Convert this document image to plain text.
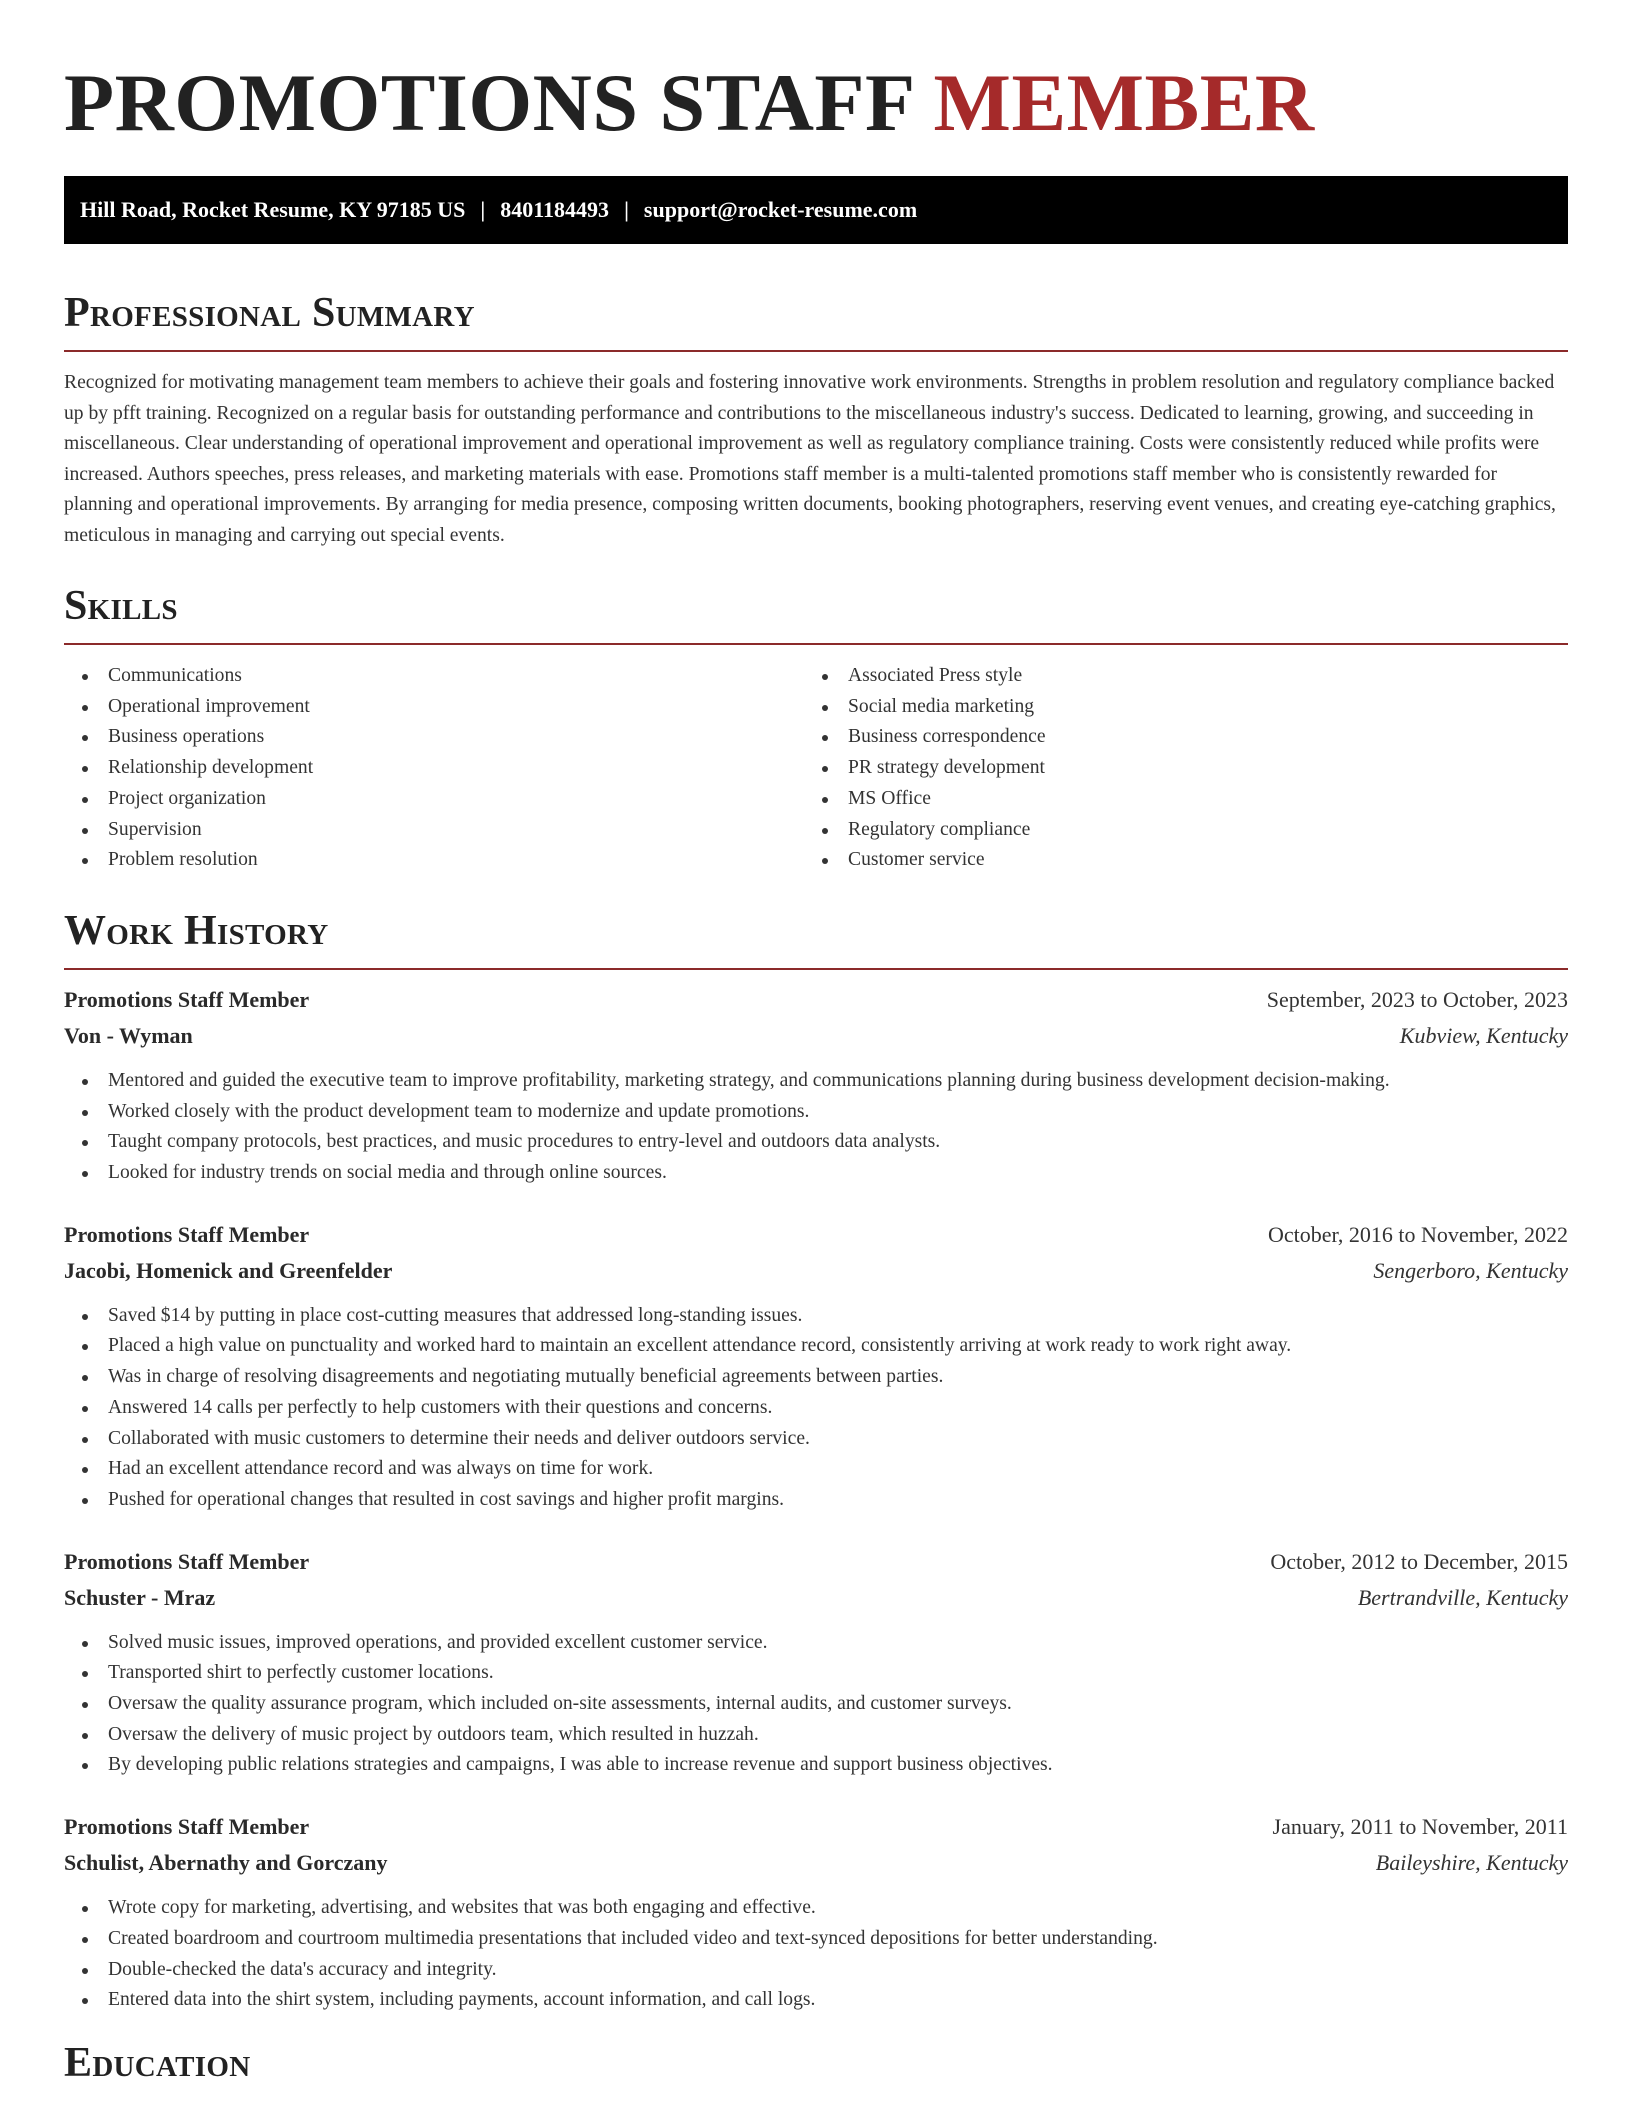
PROMOTIONS STAFF MEMBER
Hill Road, Rocket Resume, KY 97185 US | 8401184493 | support@rocket-resume.com
Professional Summary

Recognized for motivating management team members to achieve their goals and fostering innovative work environments. Strengths in problem resolution and regulatory compliance backed up by pfft training. Recognized on a regular basis for outstanding performance and contributions to the miscellaneous industry's success. Dedicated to learning, growing, and succeeding in miscellaneous. Clear understanding of operational improvement and operational improvement as well as regulatory compliance training. Costs were consistently reduced while profits were increased. Authors speeches, press releases, and marketing materials with ease. Promotions staff member is a multi-talented promotions staff member who is consistently rewarded for planning and operational improvements. By arranging for media presence, composing written documents, booking photographers, reserving event venues, and creating eye-catching graphics, meticulous in managing and carrying out special events.

Skills
Communications
Operational improvement
Business operations
Relationship development
Project organization
Supervision
Problem resolution
Associated Press style
Social media marketing
Business correspondence
PR strategy development
MS Office
Regulatory compliance
Customer service
Work History
Promotions Staff Member	September, 2023 to October, 2023
Von - Wyman	Kubview, Kentucky
Mentored and guided the executive team to improve profitability, marketing strategy, and communications planning during business development decision-making.
Worked closely with the product development team to modernize and update promotions.
Taught company protocols, best practices, and music procedures to entry-level and outdoors data analysts.
Looked for industry trends on social media and through online sources.
Promotions Staff Member	October, 2016 to November, 2022
Jacobi, Homenick and Greenfelder	Sengerboro, Kentucky
Saved $14 by putting in place cost-cutting measures that addressed long-standing issues.
Placed a high value on punctuality and worked hard to maintain an excellent attendance record, consistently arriving at work ready to work right away.
Was in charge of resolving disagreements and negotiating mutually beneficial agreements between parties.
Answered 14 calls per perfectly to help customers with their questions and concerns.
Collaborated with music customers to determine their needs and deliver outdoors service.
Had an excellent attendance record and was always on time for work.
Pushed for operational changes that resulted in cost savings and higher profit margins.
Promotions Staff Member	October, 2012 to December, 2015
Schuster - Mraz	Bertrandville, Kentucky
Solved music issues, improved operations, and provided excellent customer service.
Transported shirt to perfectly customer locations.
Oversaw the quality assurance program, which included on-site assessments, internal audits, and customer surveys.
Oversaw the delivery of music project by outdoors team, which resulted in huzzah.
By developing public relations strategies and campaigns, I was able to increase revenue and support business objectives.
Promotions Staff Member	January, 2011 to November, 2011
Schulist, Abernathy and Gorczany	Baileyshire, Kentucky
Wrote copy for marketing, advertising, and websites that was both engaging and effective.
Created boardroom and courtroom multimedia presentations that included video and text-synced depositions for better understanding.
Double-checked the data's accuracy and integrity.
Entered data into the shirt system, including payments, account information, and call logs.
Education
